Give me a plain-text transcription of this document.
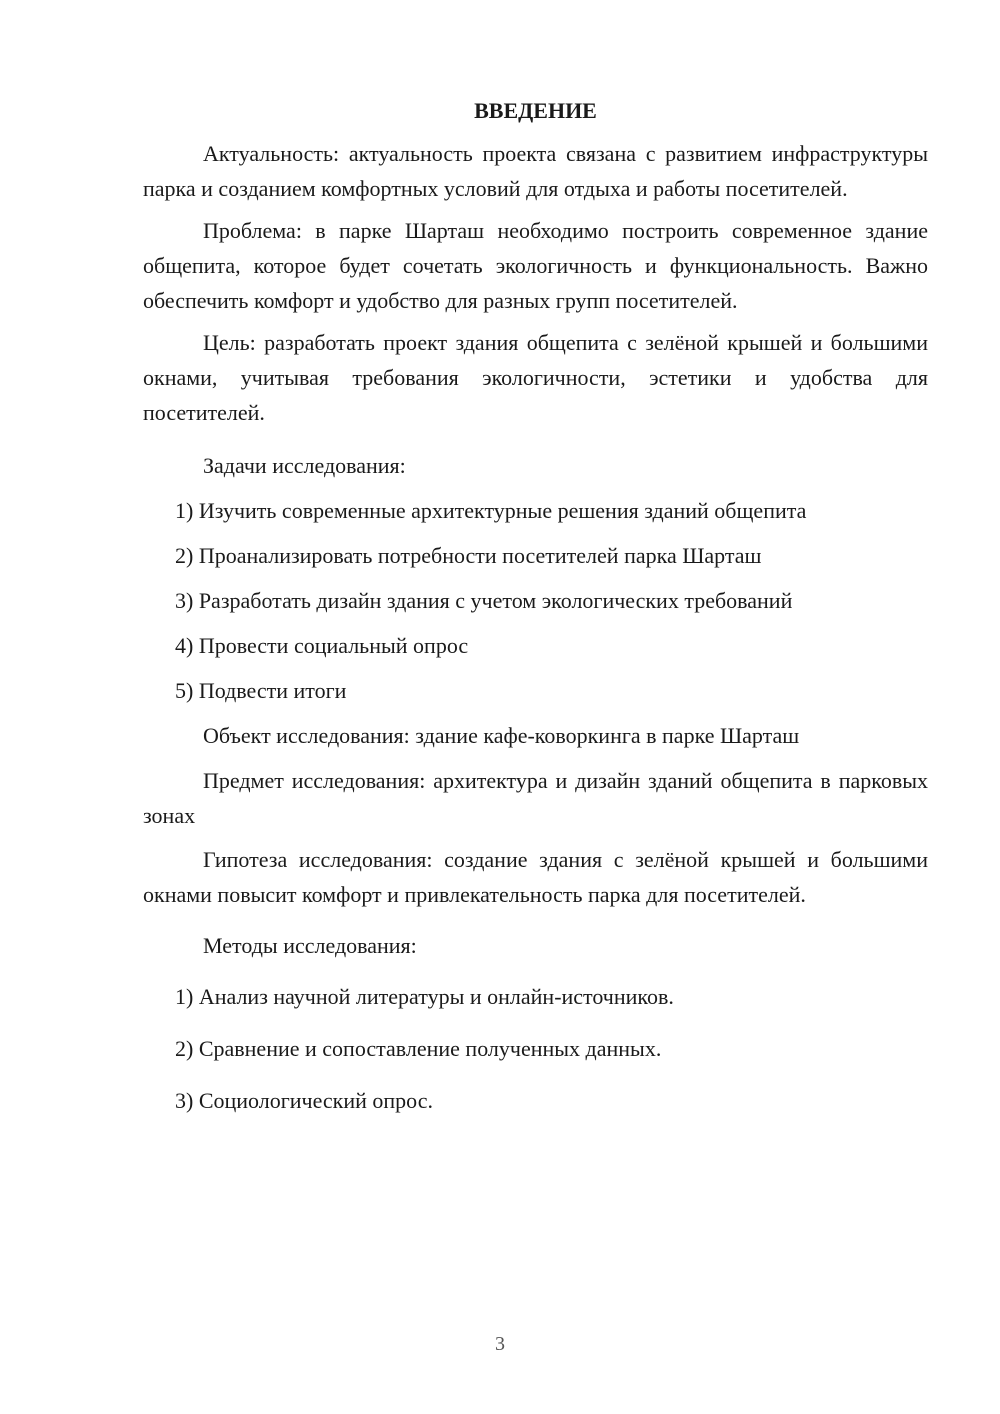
ВВЕДЕНИЕ

Актуальность: актуальность проекта связана с развитием инфраструктуры парка и созданием комфортных условий для отдыха и работы посетителей.

Проблема: в парке Шарташ необходимо построить современное здание общепита, которое будет сочетать экологичность и функциональность. Важно обеспечить комфорт и удобство для разных групп посетителей.

Цель: разработать проект здания общепита с зелёной крышей и большими окнами, учитывая требования экологичности, эстетики и удобства для посетителей.

Задачи исследования:

1) Изучить современные архитектурные решения зданий общепита
2) Проанализировать потребности посетителей парка Шарташ
3) Разработать дизайн здания с учетом экологических требований
4) Провести социальный опрос
5) Подвести итоги

Объект исследования: здание кафе-коворкинга в парке Шарташ

Предмет исследования: архитектура и дизайн зданий общепита в парковых зонах

Гипотеза исследования: создание здания с зелёной крышей и большими окнами повысит комфорт и привлекательность парка для посетителей.

Методы исследования:

1) Анализ научной литературы и онлайн-источников.
2) Сравнение и сопоставление полученных данных.
3) Социологический опрос.
3
